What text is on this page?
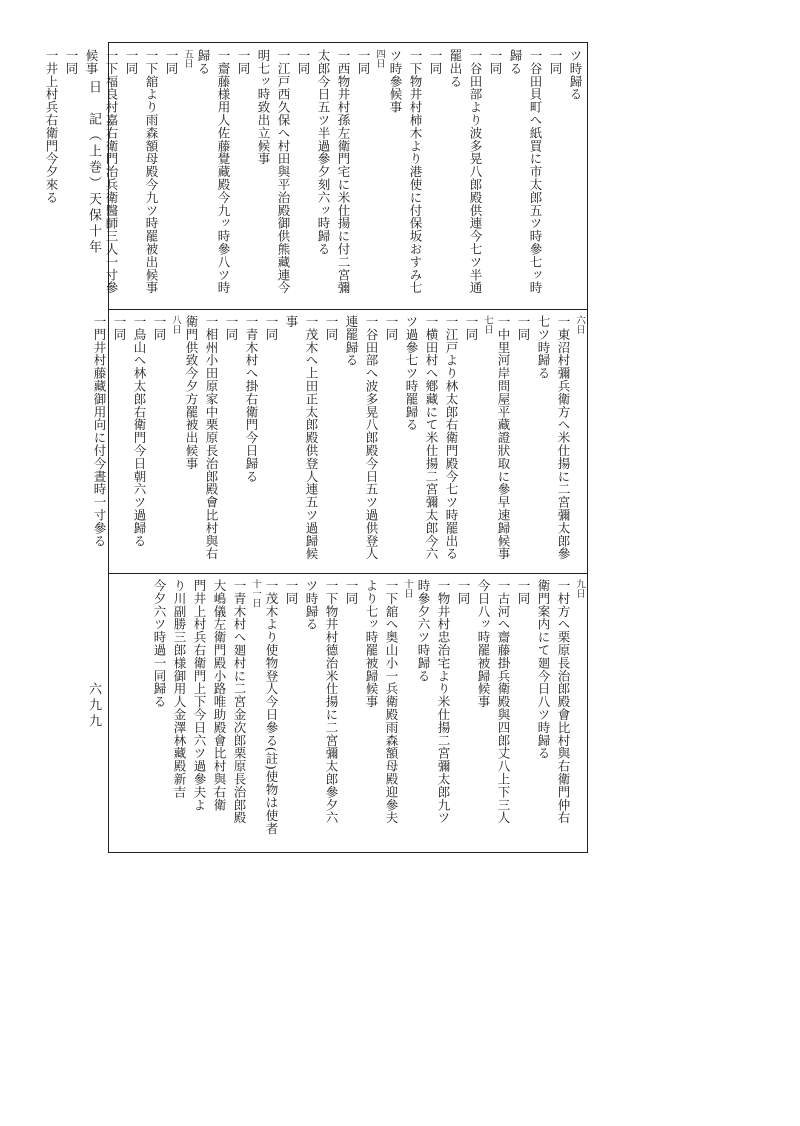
日　記（上巻）天保十年
六九九
ツ時歸る
一同
一谷田貝町へ紙買に市太郎五ツ時參七ッ時
歸る
一同
一谷田部より波多晃八郎殿供連今七ツ半通
罷出る
一同
一下物井村柿木より港使に付保坂おすみ七
ツ時參候事
四日
一同
一西物井村孫左衛門宅に米仕揚に付二宮彌
太郎今日五ツ半過參夕刻六ッ時歸る
一同
一江戸西久保へ村田與平治殿御供熊藏連今
明七ッ時致出立候事
一同
一齋藤様用人佐藤覺藏殿今九ッ時參八ツ時
歸る
五日
一同
一下舘より雨森額母殿今九ツ時罷被出候事
一同
一下福良村嘉右衛門治兵衛醫師三人一寸參
候事
一同
一井上村兵右衛門今夕來る
六日
一東沼村彌兵衛方へ米仕揚に二宮彌太郎參
七ツ時歸る
一同
一中里河岸問屋平藏證狀取に參早速歸候事
七日
一同
一江戸より林太郎右衛門殿今七ツ時罷出る
一横田村へ鄕藏にて米仕揚二宮彌太郎今六
ツ過參七ツ時罷歸る
一同
一谷田部へ波多晃八郎殿今日五ツ過供登人
連罷歸る
一同
一茂木へ上田正太郎殿供登人連五ツ過歸候
事
一同
一青木村へ掛右衛門今日歸る
一同
一相州小田原家中栗原長治郎殿會比村與右
衛門供致今夕方罷被出候事
八日
一同
一鳥山へ林太郎右衛門今日朝六ツ過歸る
一同
一門井村藤藏御用向に付今晝時一寸參る
九日
一村方へ栗原長治郎殿會比村與右衛門仲右
衛門案内にて廻今日八ツ時歸る
一同
一古河へ齋藤掛兵衛殿與四郎丈八上下三人
今日八ッ時罷被歸候事
一同
一物井村忠治宅より米仕揚二宮彌太郎九ツ
時參夕六ツ時歸る
十日
一下舘へ奥山小一兵衛殿雨森額母殿迎參夫
より七ッ時罷被歸候事
一同
一下物井村德治米仕揚に二宮彌太郎參夕六
ツ時歸る
一同
一茂木より使物登人今日參る(註)使物は使者
十一日
一青木村へ廻村に二宮金次郎栗原長治郎殿
大嶋儀左衛門殿小路唯助殿會比村與右衛
門井上村兵右衛門上下今日六ツ過參夫よ
り川副勝三郎様御用人金澤林藏殿新吉
今夕六ツ時過一同歸る
